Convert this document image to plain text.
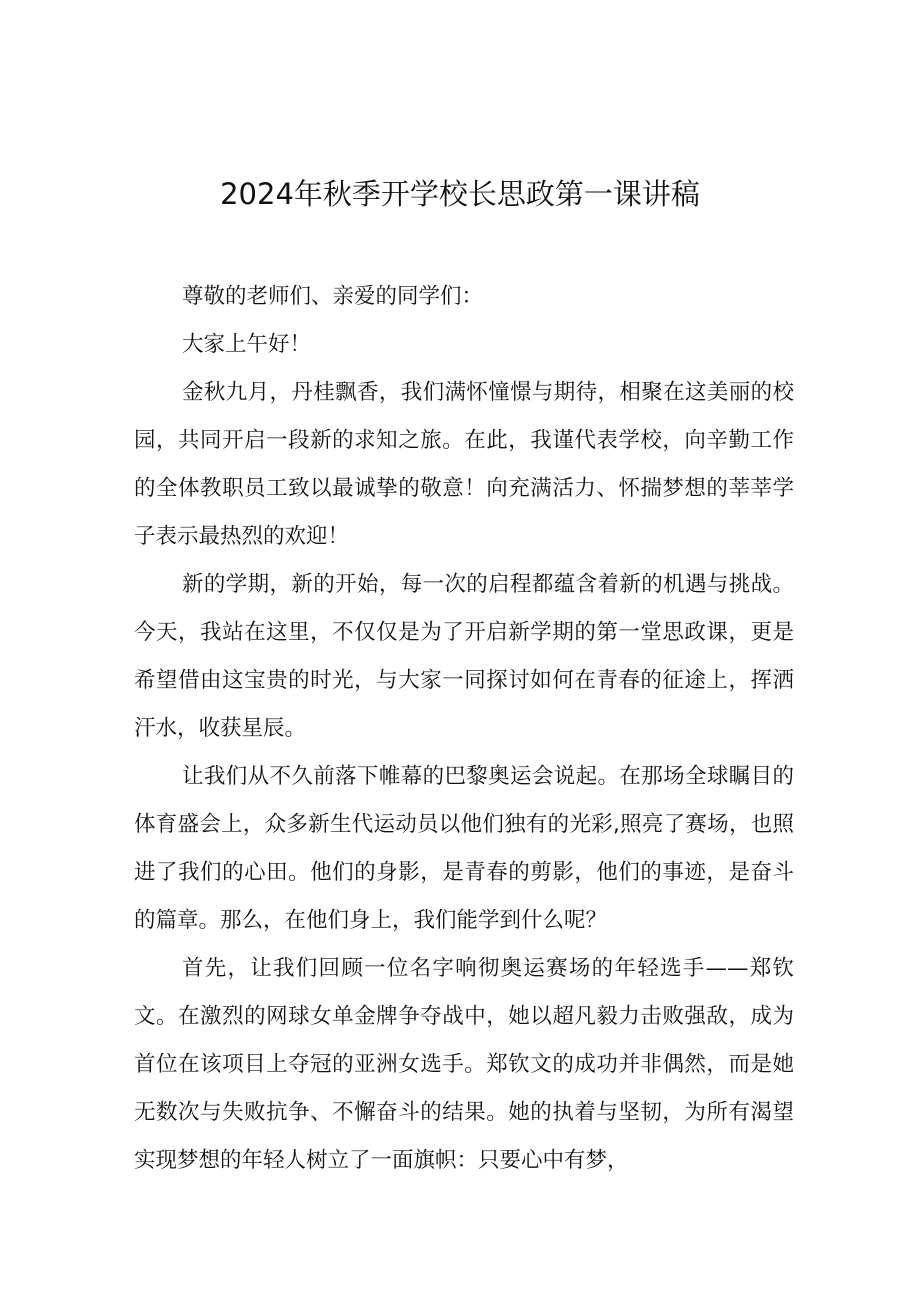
2024年秋季开学校长思政第一课讲稿

尊敬的老师们、亲爱的同学们：

大家上午好！

金秋九月，丹桂飘香，我们满怀憧憬与期待，相聚在这美丽的校园，共同开启一段新的求知之旅。在此，我谨代表学校，向辛勤工作的全体教职员工致以最诚挚的敬意！向充满活力、怀揣梦想的莘莘学子表示最热烈的欢迎！

新的学期，新的开始，每一次的启程都蕴含着新的机遇与挑战。今天，我站在这里，不仅仅是为了开启新学期的第一堂思政课，更是希望借由这宝贵的时光，与大家一同探讨如何在青春的征途上，挥洒汗水，收获星辰。

让我们从不久前落下帷幕的巴黎奥运会说起。在那场全球瞩目的体育盛会上，众多新生代运动员以他们独有的光彩,照亮了赛场，也照进了我们的心田。他们的身影，是青春的剪影，他们的事迹，是奋斗的篇章。那么，在他们身上，我们能学到什么呢？

首先，让我们回顾一位名字响彻奥运赛场的年轻选手——郑钦文。在激烈的网球女单金牌争夺战中，她以超凡毅力击败强敌，成为首位在该项目上夺冠的亚洲女选手。郑钦文的成功并非偶然，而是她无数次与失败抗争、不懈奋斗的结果。她的执着与坚韧，为所有渴望实现梦想的年轻人树立了一面旗帜：只要心中有梦，
